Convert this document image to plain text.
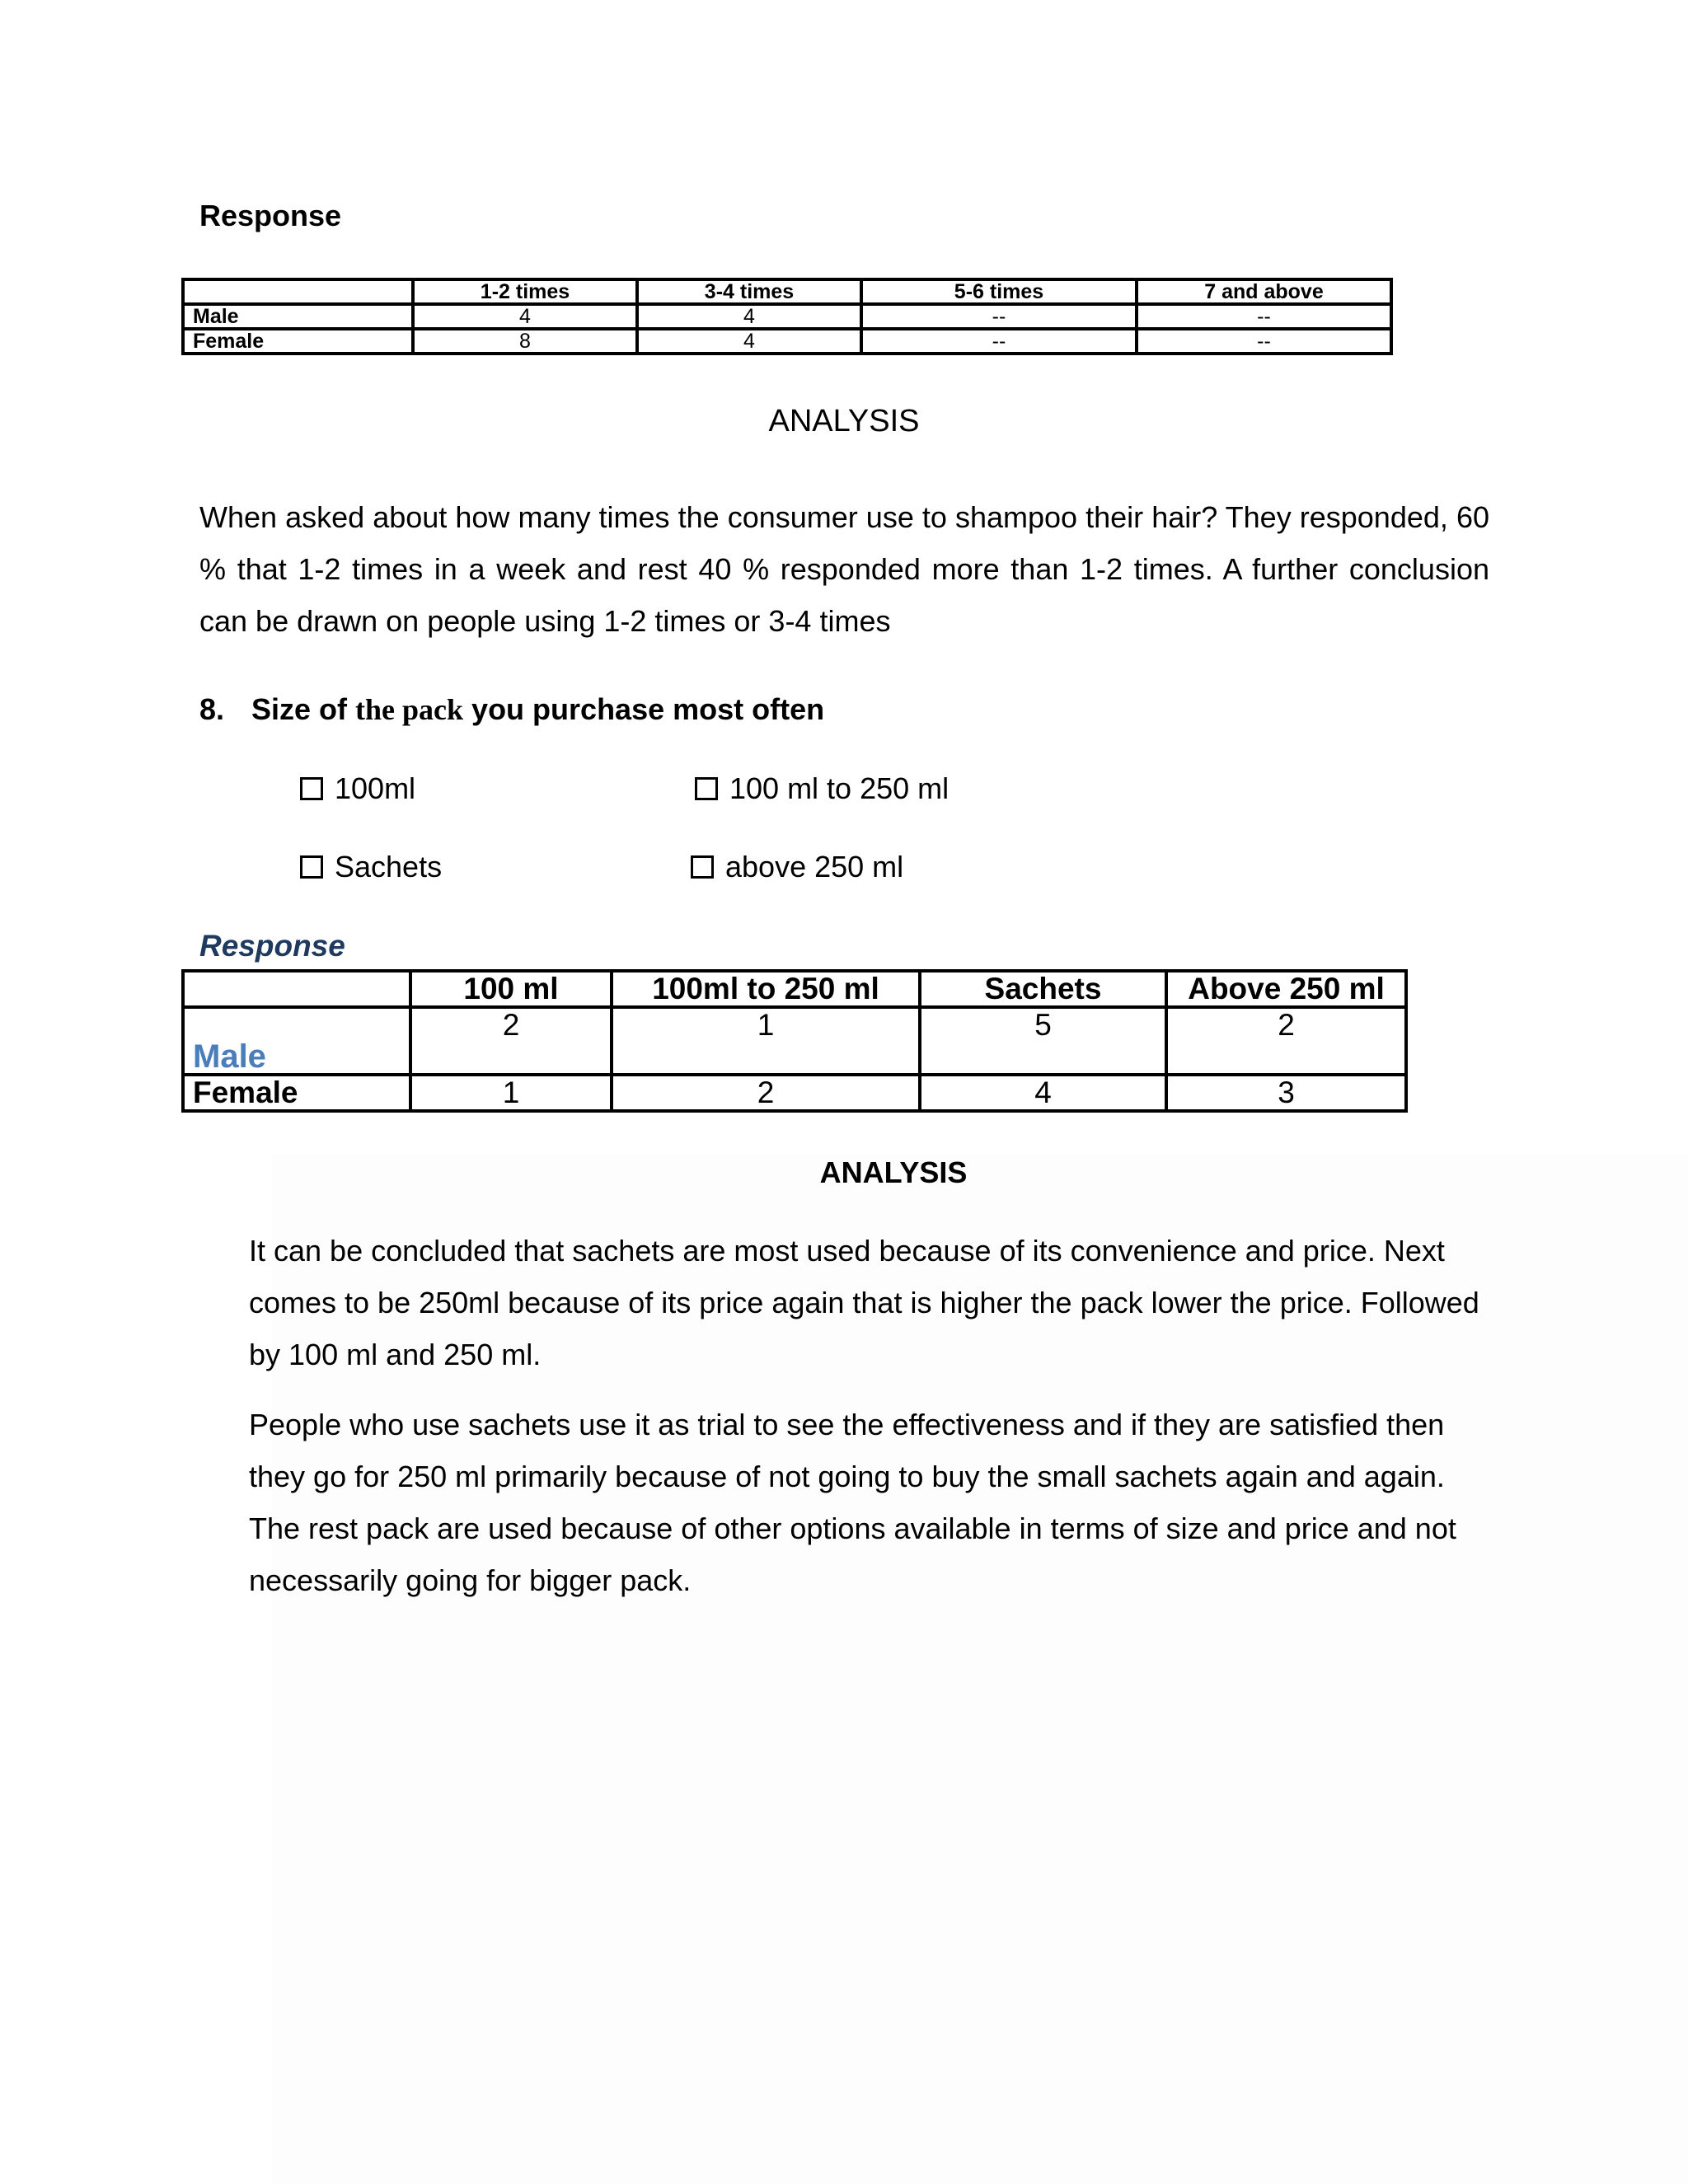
Response
	1-2 times	3-4 times	5-6 times	7 and above
Male	4	4	--	--
Female	8	4	--	--
ANALYSIS
When asked about how many times the consumer use to shampoo their hair? They responded, 60 % that 1-2 times in a week and rest 40 % responded more than 1-2 times. A further conclusion can be drawn on people using 1-2 times or 3-4 times
8. Size of the pack you purchase most often
100ml	100 ml to 250 ml
Sachets	above 250 ml
Response
	100 ml	100ml to 250 ml	Sachets	Above 250 ml
Male	2	1	5	2
Female	1	2	4	3
ANALYSIS
It can be concluded that sachets are most used because of its convenience and price. Next comes to be 250ml because of its price again that is higher the pack lower the price. Followed by 100 ml and 250 ml.
People who use sachets use it as trial to see the effectiveness and if they are satisfied then they go for 250 ml primarily because of not going to buy the small sachets again and again. The rest pack are used because of other options available in terms of size and price and not necessarily going for bigger pack.
